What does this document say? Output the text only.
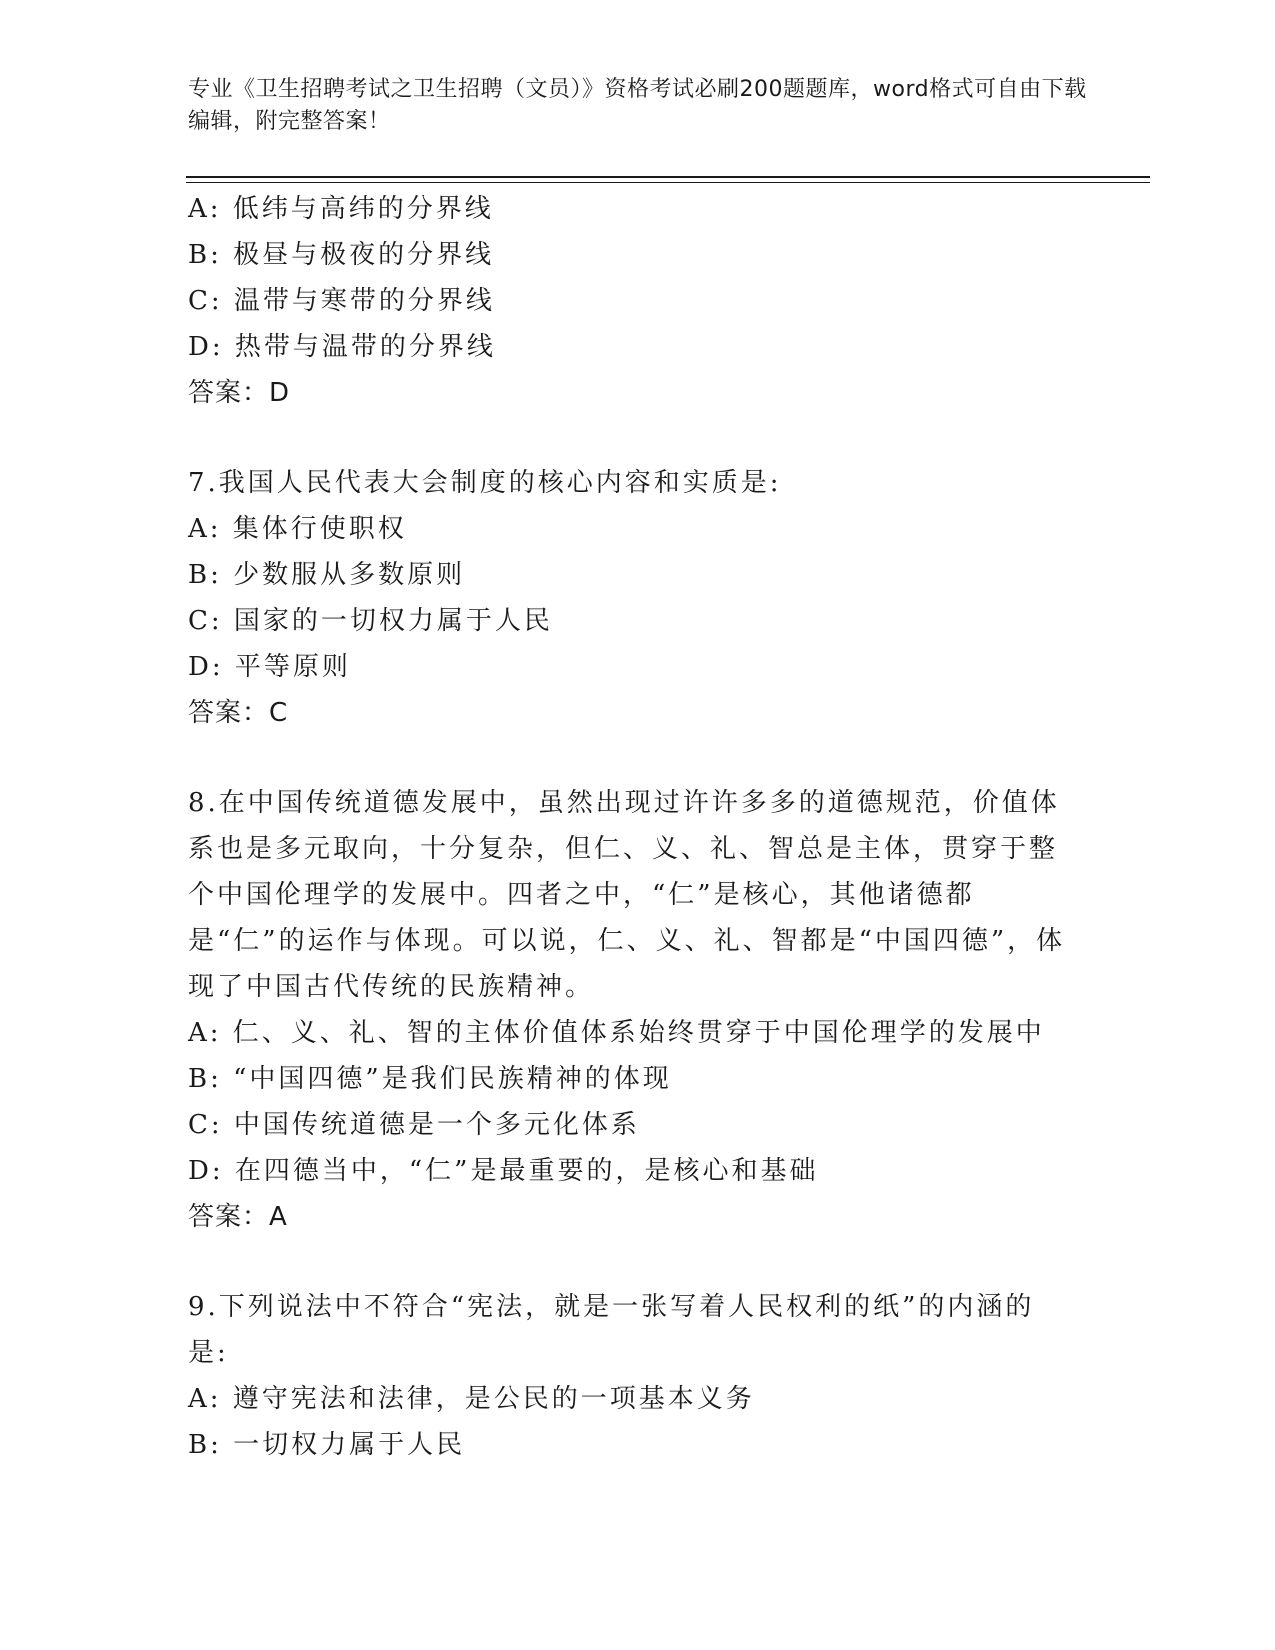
专业《卫生招聘考试之卫生招聘（文员）》资格考试必刷200题题库，word格式可自由下载编辑，附完整答案！
A: 低纬与高纬的分界线
B: 极昼与极夜的分界线
C: 温带与寒带的分界线
D: 热带与温带的分界线
答案：D
7.我国人民代表大会制度的核心内容和实质是:
A: 集体行使职权
B: 少数服从多数原则
C: 国家的一切权力属于人民
D: 平等原则
答案：C
8.在中国传统道德发展中，虽然出现过许许多多的道德规范，价值体系也是多元取向，十分复杂，但仁、义、礼、智总是主体，贯穿于整个中国伦理学的发展中。四者之中，“仁”是核心，其他诸德都是“仁”的运作与体现。可以说，仁、义、礼、智都是“中国四德”，体现了中国古代传统的民族精神。
A: 仁、义、礼、智的主体价值体系始终贯穿于中国伦理学的发展中
B: “中国四德”是我们民族精神的体现
C: 中国传统道德是一个多元化体系
D: 在四德当中，“仁”是最重要的，是核心和基础
答案：A
9.下列说法中不符合“宪法，就是一张写着人民权利的纸”的内涵的是:
A: 遵守宪法和法律，是公民的一项基本义务
B: 一切权力属于人民
